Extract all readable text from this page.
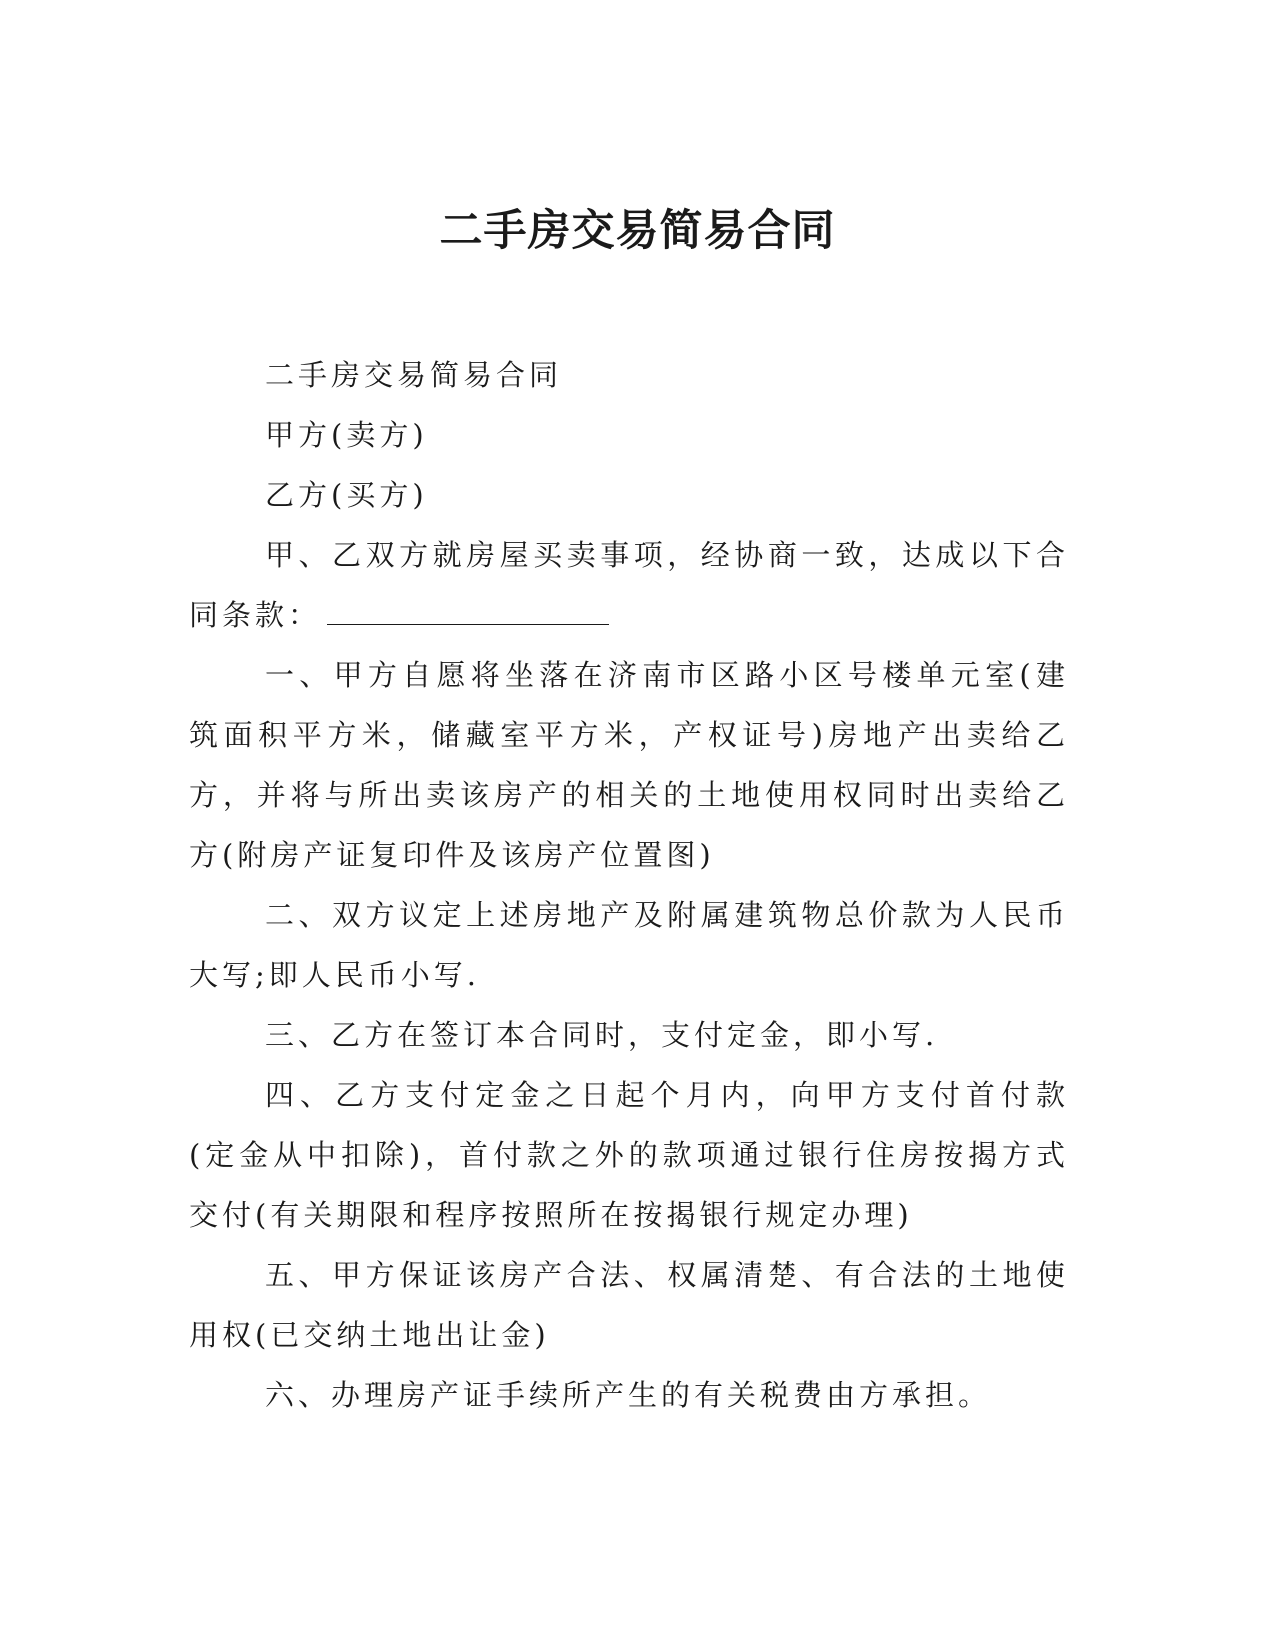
二手房交易简易合同

二手房交易简易合同

甲方(卖方)

乙方(买方)

甲、乙双方就房屋买卖事项，经协商一致，达成以下合同条款：

一、甲方自愿将坐落在济南市区路小区号楼单元室(建筑面积平方米，储藏室平方米，产权证号)房地产出卖给乙方，并将与所出卖该房产的相关的土地使用权同时出卖给乙方(附房产证复印件及该房产位置图)

二、双方议定上述房地产及附属建筑物总价款为人民币大写;即人民币小写.

三、乙方在签订本合同时，支付定金，即小写.

四、乙方支付定金之日起个月内，向甲方支付首付款(定金从中扣除)，首付款之外的款项通过银行住房按揭方式交付(有关期限和程序按照所在按揭银行规定办理)

五、甲方保证该房产合法、权属清楚、有合法的土地使用权(已交纳土地出让金)

六、办理房产证手续所产生的有关税费由方承担。
